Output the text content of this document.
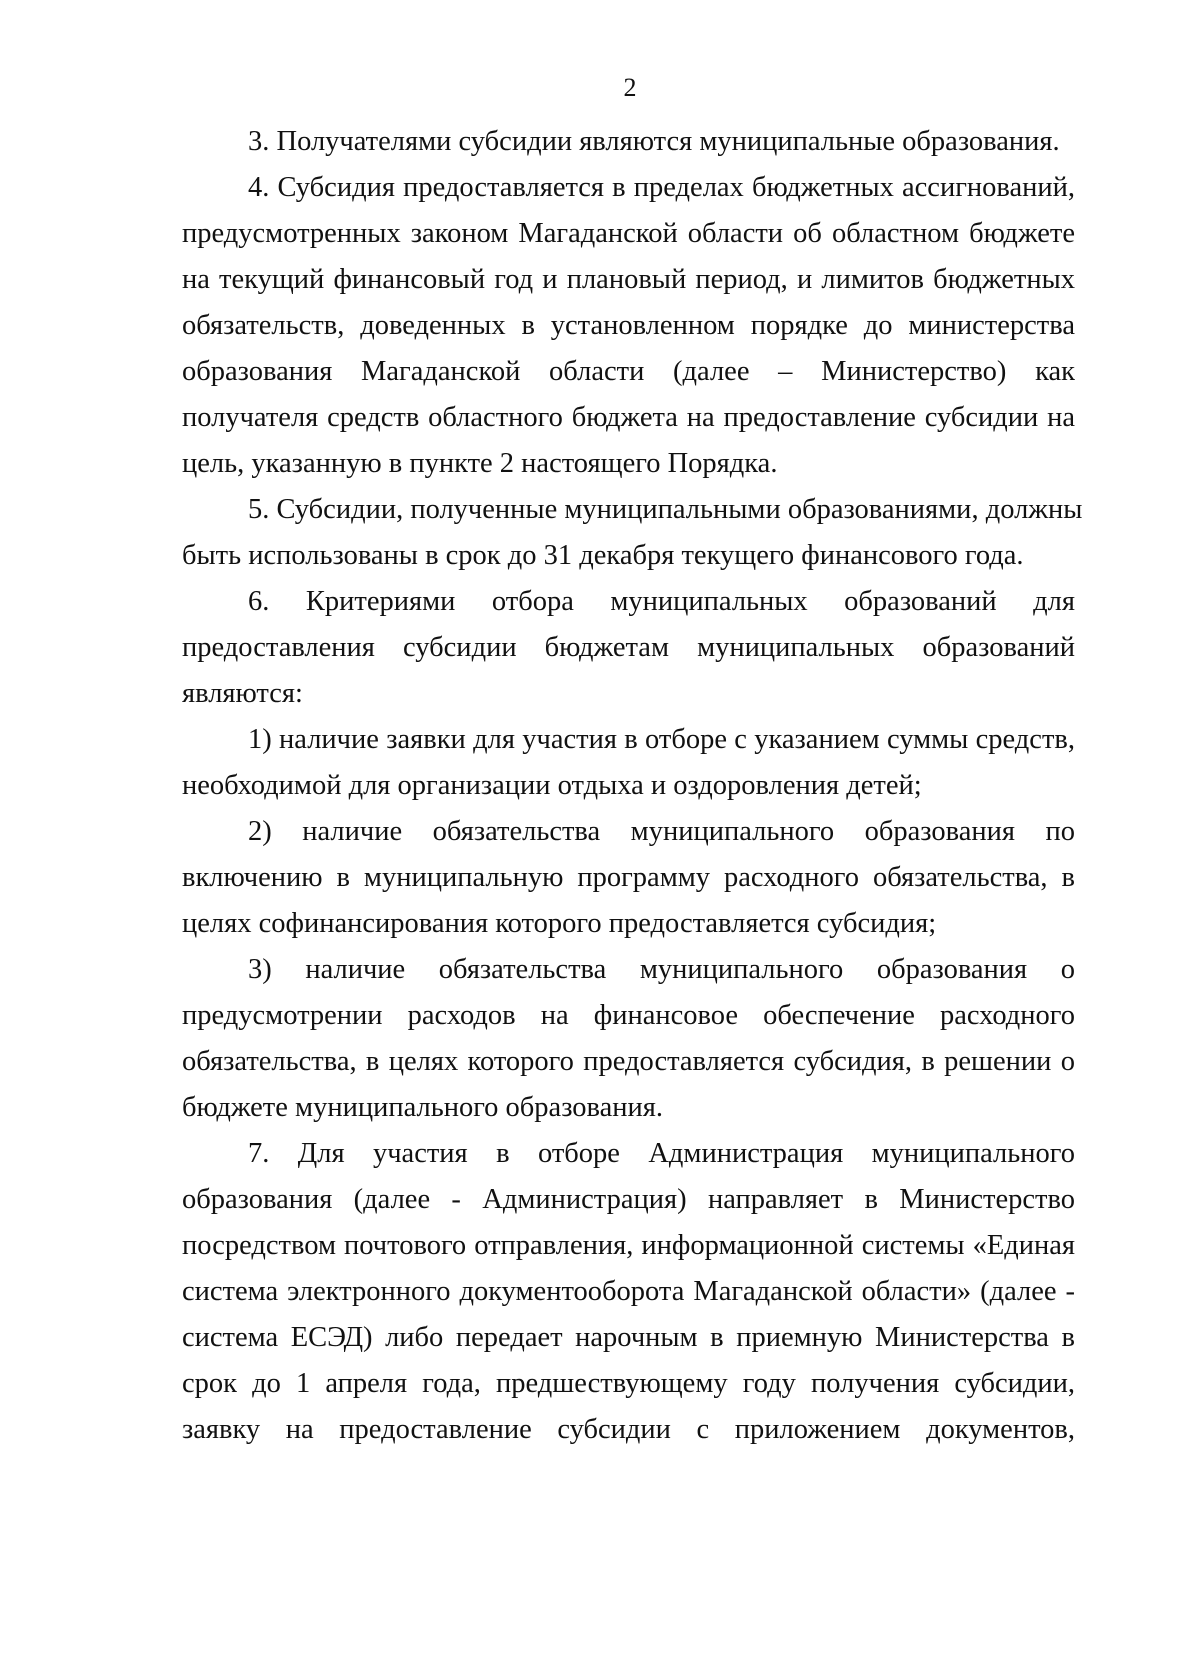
2
3. Получателями субсидии являются муниципальные образования.
4. Субсидия предоставляется в пределах бюджетных ассигнований,
предусмотренных законом Магаданской области об областном бюджете
на текущий финансовый год и плановый период, и лимитов бюджетных
обязательств, доведенных в установленном порядке до министерства
образования Магаданской области (далее – Министерство) как
получателя средств областного бюджета на предоставление субсидии на
цель, указанную в пункте 2 настоящего Порядка.
5. Субсидии, полученные муниципальными образованиями, должны
быть использованы в срок до 31 декабря текущего финансового года.
6. Критериями отбора муниципальных образований для
предоставления субсидии бюджетам муниципальных образований
являются:
1) наличие заявки для участия в отборе с указанием суммы средств,
необходимой для организации отдыха и оздоровления детей;
2) наличие обязательства муниципального образования по
включению в муниципальную программу расходного обязательства, в
целях софинансирования которого предоставляется субсидия;
3) наличие обязательства муниципального образования о
предусмотрении расходов на финансовое обеспечение расходного
обязательства, в целях которого предоставляется субсидия, в решении о
бюджете муниципального образования.
7. Для участия в отборе Администрация муниципального
образования (далее - Администрация) направляет в Министерство
посредством почтового отправления, информационной системы «Единая
система электронного документооборота Магаданской области» (далее -
система ЕСЭД) либо передает нарочным в приемную Министерства в
срок до 1 апреля года, предшествующему году получения субсидии,
заявку на предоставление субсидии с приложением документов,
